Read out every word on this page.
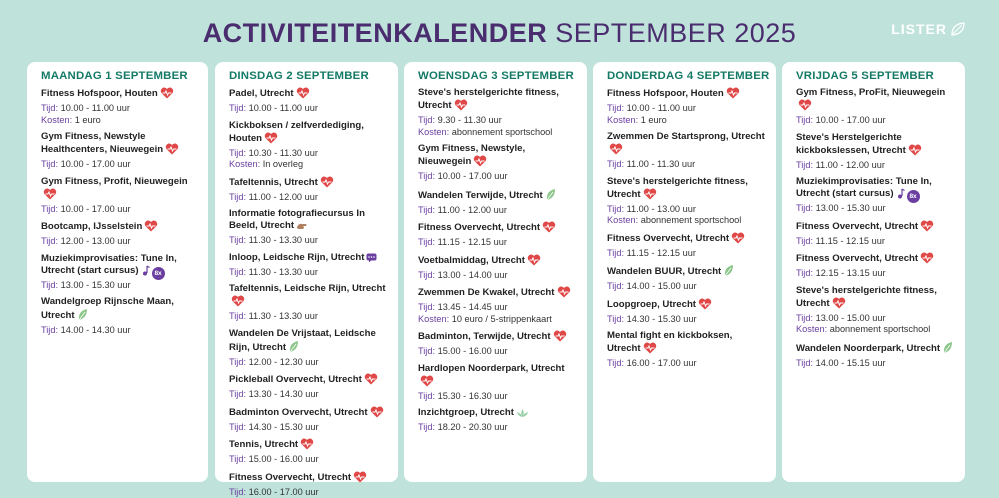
ACTIVITEITENKALENDER SEPTEMBER 2025	LISTER
MAANDAG 1 SEPTEMBER
Fitness Hofspoor, Houten
Tijd: 10.00 - 11.00 uur
Kosten: 1 euro
Gym Fitness, Newstyle Healthcenters, Nieuwegein
Tijd: 10.00 - 17.00 uur
Gym Fitness, Profit, Nieuwegein
Tijd: 10.00 - 17.00 uur
Bootcamp, IJsselstein
Tijd: 12.00 - 13.00 uur
Muziekimprovisaties: Tune In, Utrecht (start cursus) 8x
Tijd: 13.00 - 15.30 uur
Wandelgroep Rijnsche Maan, Utrecht
Tijd: 14.00 - 14.30 uur
DINSDAG 2 SEPTEMBER
Padel, Utrecht
Tijd: 10.00 - 11.00 uur
Kickboksen / zelfverdediging, Houten
Tijd: 10.30 - 11.30 uur
Kosten: In overleg
Tafeltennis, Utrecht
Tijd: 11.00 - 12.00 uur
Informatie fotografiecursus In Beeld, Utrecht
Tijd: 11.30 - 13.30 uur
Inloop, Leidsche Rijn, Utrecht
Tijd: 11.30 - 13.30 uur
Tafeltennis, Leidsche Rijn, Utrecht
Tijd: 11.30 - 13.30 uur
Wandelen De Vrijstaat, Leidsche Rijn, Utrecht
Tijd: 12.00 - 12.30 uur
Pickleball Overvecht, Utrecht
Tijd: 13.30 - 14.30 uur
Badminton Overvecht, Utrecht
Tijd: 14.30 - 15.30 uur
Tennis, Utrecht
Tijd: 15.00 - 16.00 uur
Fitness Overvecht, Utrecht
Tijd: 16.00 - 17.00 uur
WOENSDAG 3 SEPTEMBER
Steve's herstelgerichte fitness, Utrecht
Tijd: 9.30 - 11.30 uur
Kosten: abonnement sportschool
Gym Fitness, Newstyle, Nieuwegein
Tijd: 10.00 - 17.00 uur
Wandelen Terwijde, Utrecht
Tijd: 11.00 - 12.00 uur
Fitness Overvecht, Utrecht
Tijd: 11.15 - 12.15 uur
Voetbalmiddag, Utrecht
Tijd: 13.00 - 14.00 uur
Zwemmen De Kwakel, Utrecht
Tijd: 13.45 - 14.45 uur
Kosten: 10 euro / 5-strippenkaart
Badminton, Terwijde, Utrecht
Tijd: 15.00 - 16.00 uur
Hardlopen Noorderpark, Utrecht
Tijd: 15.30 - 16.30 uur
Inzichtgroep, Utrecht
Tijd: 18.20 - 20.30 uur
DONDERDAG 4 SEPTEMBER
Fitness Hofspoor, Houten
Tijd: 10.00 - 11.00 uur
Kosten: 1 euro
Zwemmen De Startsprong, Utrecht
Tijd: 11.00 - 11.30 uur
Steve's herstelgerichte fitness, Utrecht
Tijd: 11.00 - 13.00 uur
Kosten: abonnement sportschool
Fitness Overvecht, Utrecht
Tijd: 11.15 - 12.15 uur
Wandelen BUUR, Utrecht
Tijd: 14.00 - 15.00 uur
Loopgroep, Utrecht
Tijd: 14.30 - 15.30 uur
Mental fight en kickboksen, Utrecht
Tijd: 16.00 - 17.00 uur
VRIJDAG 5 SEPTEMBER
Gym Fitness, ProFit, Nieuwegein
Tijd: 10.00 - 17.00 uur
Steve's Herstelgerichte kickbokslessen, Utrecht
Tijd: 11.00 - 12.00 uur
Muziekimprovisaties: Tune In, Utrecht (start cursus) 8x
Tijd: 13.00 - 15.30 uur
Fitness Overvecht, Utrecht
Tijd: 11.15 - 12.15 uur
Fitness Overvecht, Utrecht
Tijd: 12.15 - 13.15 uur
Steve's herstelgerichte fitness, Utrecht
Tijd: 13.00 - 15.00 uur
Kosten: abonnement sportschool
Wandelen Noorderpark, Utrecht
Tijd: 14.00 - 15.15 uur
